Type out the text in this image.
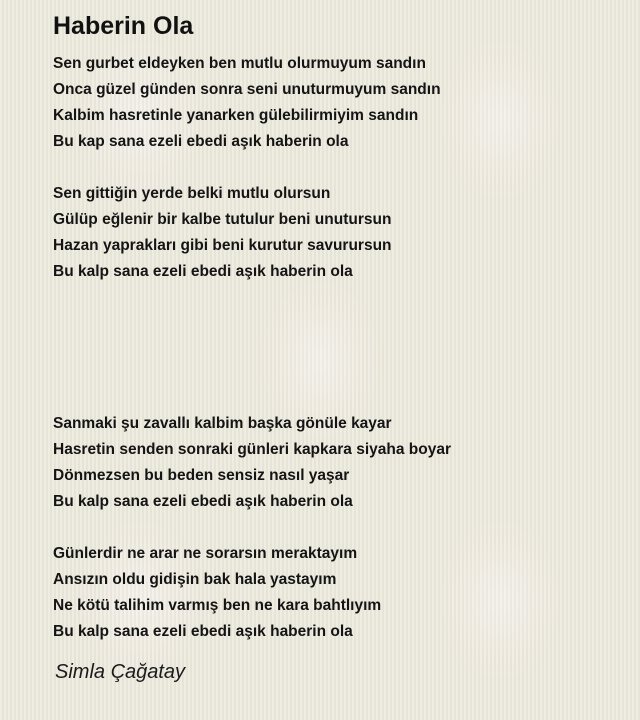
Haberin Ola
Sen gurbet eldeyken ben mutlu olurmuyum sandın
Onca güzel günden sonra seni unuturmuyum sandın
Kalbim hasretinle yanarken gülebilirmiyim sandın
Bu kap sana ezeli ebedi aşık haberin ola
Sen gittiğin yerde belki mutlu olursun
Gülüp eğlenir bir kalbe tutulur beni unutursun
Hazan yaprakları gibi beni kurutur savurursun
Bu kalp sana ezeli ebedi aşık haberin ola
Sanmaki şu zavallı kalbim başka gönüle kayar
Hasretin senden sonraki günleri kapkara siyaha boyar
Dönmezsen bu beden sensiz nasıl yaşar
Bu kalp sana ezeli ebedi aşık haberin ola
Günlerdir ne arar ne sorarsın meraktayım
Ansızın oldu gidişin bak hala yastayım
Ne kötü talihim varmış ben ne kara bahtlıyım
Bu kalp sana ezeli ebedi aşık haberin ola

Simla Çağatay
